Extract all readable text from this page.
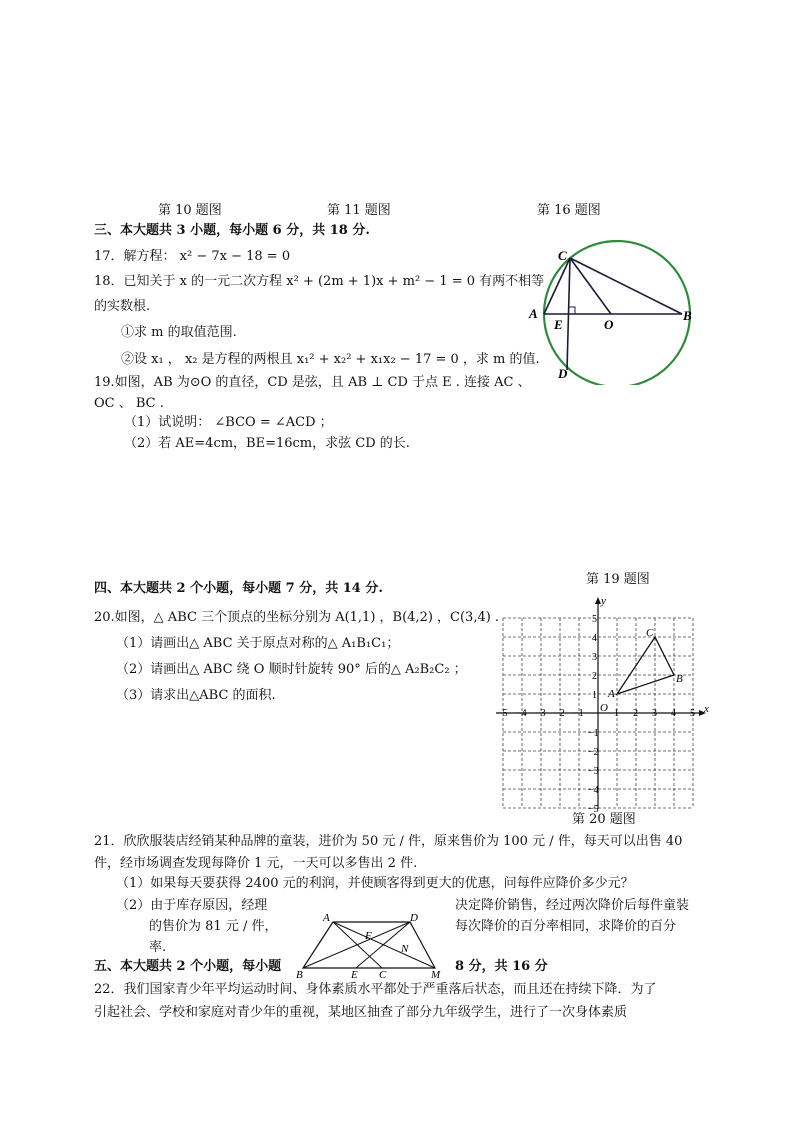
第 10 题图	第 11 题图	第 16 题图
三、本大题共 3 小题，每小题 6 分，共 18 分.
17．解方程： x² − 7x − 18 = 0
18．已知关于 x 的一元二次方程 x² + (2m + 1)x + m² − 1 = 0 有两不相等
的实数根.
①求 m 的取值范围.
②设 x₁ ， x₂ 是方程的两根且 x₁² + x₂² + x₁x₂ − 17 = 0 ，求 m 的值.
19.如图，AB 为⊙O 的直径，CD 是弦，且 AB ⊥ CD 于点 E . 连接 AC 、
OC 、 BC .
（1）试说明： ∠BCO = ∠ACD ；
（2）若 AE=4cm，BE=16cm，求弦 CD 的长.
C
A
E	O
B
D
第 19 题图
四、本大题共 2 个小题，每小题 7 分，共 14 分.
20.如图，△ ABC 三个顶点的坐标分别为 A(1,1) ，B(4,2) ，C(3,4) .
（1）请画出△ ABC 关于原点对称的△ A₁B₁C₁；
（2）请画出△ ABC 绕 O 顺时针旋转 90° 后的△ A₂B₂C₂ ；
（3）请求出△ABC 的面积.
−5 −4 −3 −2 −1	1 2 3 4 5
5
4
3
2
1
−1
−2
−3
−4
−5
y
x
O
A
B
C
第 20 题图
21．欣欣服装店经销某种品牌的童装，进价为 50 元 / 件，原来售价为 100 元 / 件，每天可以出售 40
件，经市场调查发现每降价 1 元，一天可以多售出 2 件.
（1）如果每天要获得 2400 元的利润，并使顾客得到更大的优惠，问每件应降价多少元？
（2）由于库存原因，经理	决定降价销售，经过两次降价后每件童装
的售价为 81 元 / 件，	每次降价的百分率相同，求降价的百分
率.
A	D
F
N
B	E C	M
五、本大题共 2 个小题，每小题	8 分，共 16 分
22．我们国家青少年平均运动时间、身体素质水平都处于严重落后状态，而且还在持续下降．为了
引起社会、学校和家庭对青少年的重视，某地区抽查了部分九年级学生，进行了一次身体素质
